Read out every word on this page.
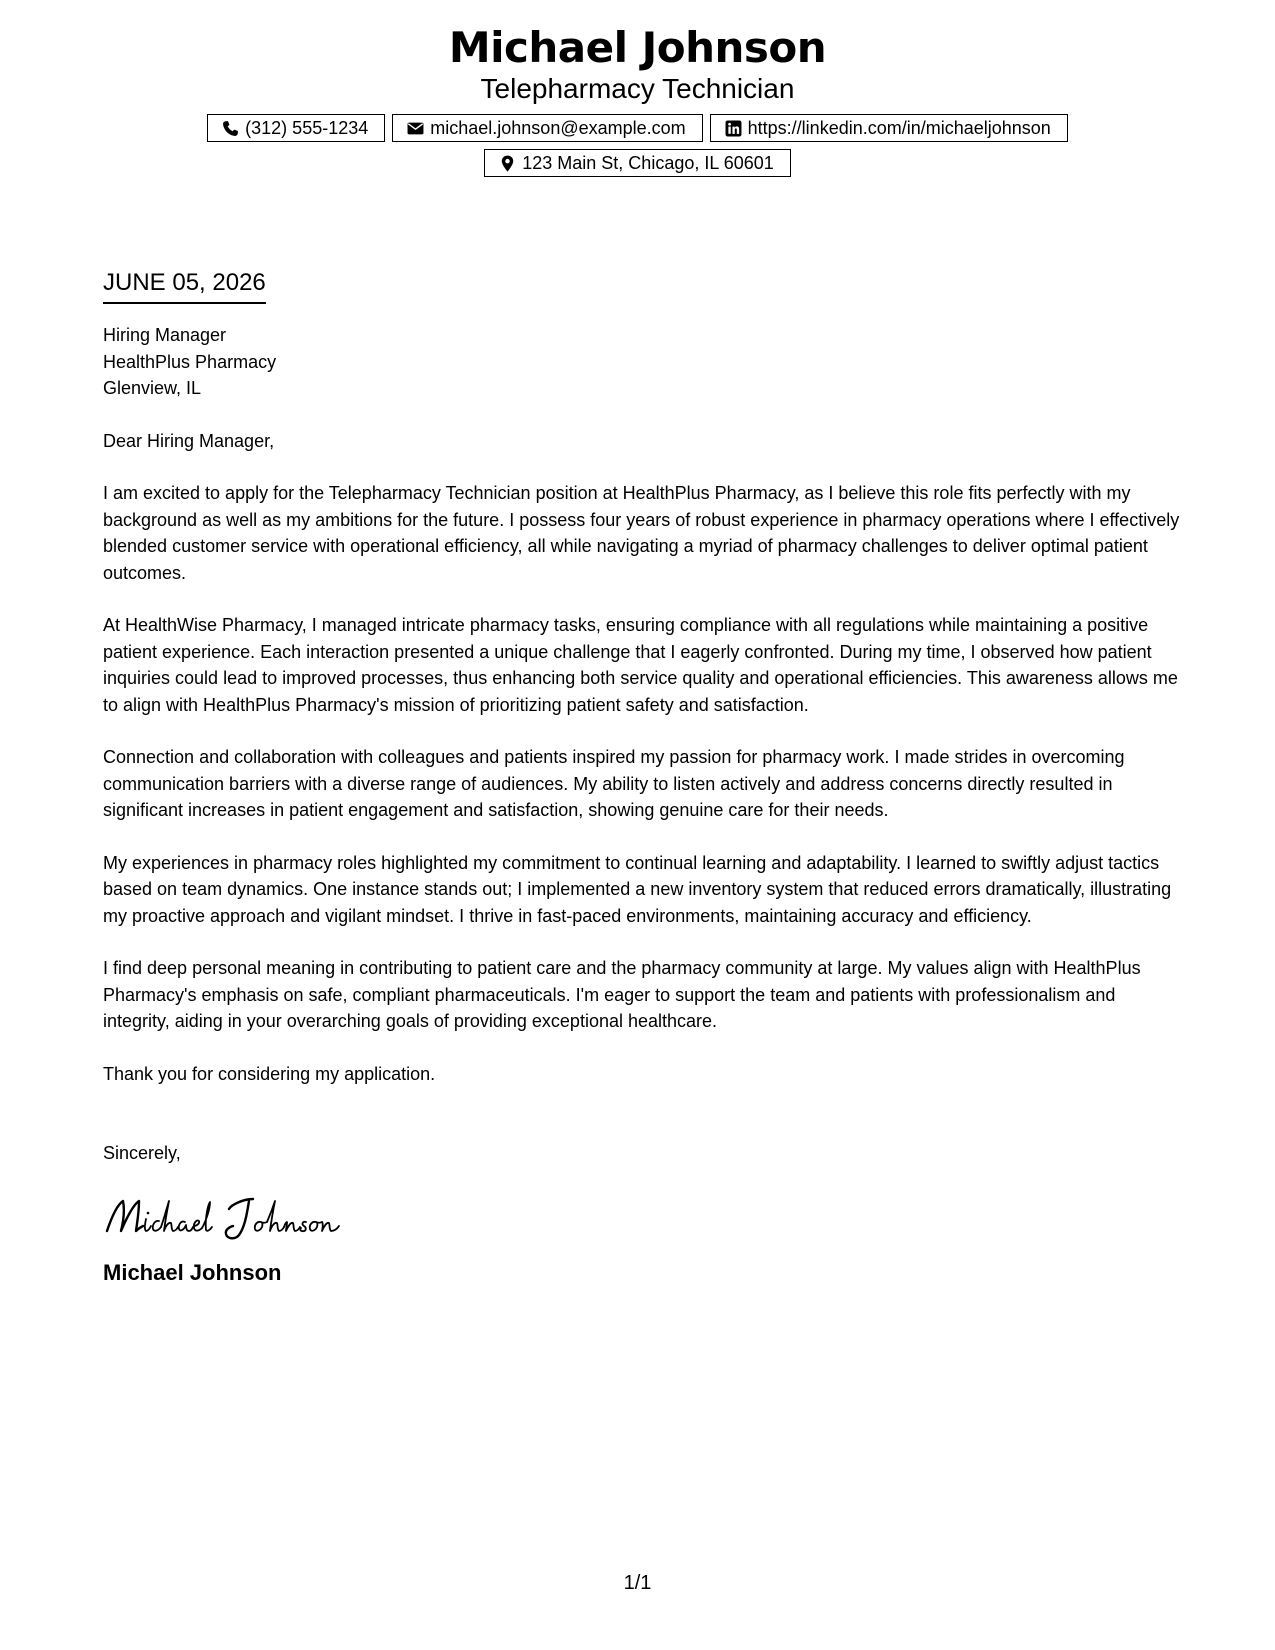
Michael Johnson
Telepharmacy Technician
(312) 555-1234	michael.johnson@example.com	https://linkedin.com/in/michaeljohnson
123 Main St, Chicago, IL 60601
JUNE 05, 2026
Hiring Manager
HealthPlus Pharmacy
Glenview, IL
Dear Hiring Manager,
I am excited to apply for the Telepharmacy Technician position at HealthPlus Pharmacy, as I believe this role fits perfectly with my background as well as my ambitions for the future. I possess four years of robust experience in pharmacy operations where I effectively blended customer service with operational efficiency, all while navigating a myriad of pharmacy challenges to deliver optimal patient outcomes.
At HealthWise Pharmacy, I managed intricate pharmacy tasks, ensuring compliance with all regulations while maintaining a positive patient experience. Each interaction presented a unique challenge that I eagerly confronted. During my time, I observed how patient inquiries could lead to improved processes, thus enhancing both service quality and operational efficiencies. This awareness allows me to align with HealthPlus Pharmacy's mission of prioritizing patient safety and satisfaction.
Connection and collaboration with colleagues and patients inspired my passion for pharmacy work. I made strides in overcoming communication barriers with a diverse range of audiences. My ability to listen actively and address concerns directly resulted in significant increases in patient engagement and satisfaction, showing genuine care for their needs.
My experiences in pharmacy roles highlighted my commitment to continual learning and adaptability. I learned to swiftly adjust tactics based on team dynamics. One instance stands out; I implemented a new inventory system that reduced errors dramatically, illustrating my proactive approach and vigilant mindset. I thrive in fast-paced environments, maintaining accuracy and efficiency.
I find deep personal meaning in contributing to patient care and the pharmacy community at large. My values align with HealthPlus Pharmacy's emphasis on safe, compliant pharmaceuticals. I'm eager to support the team and patients with professionalism and integrity, aiding in your overarching goals of providing exceptional healthcare.
Thank you for considering my application.
Sincerely,
Michael Johnson
1/1
